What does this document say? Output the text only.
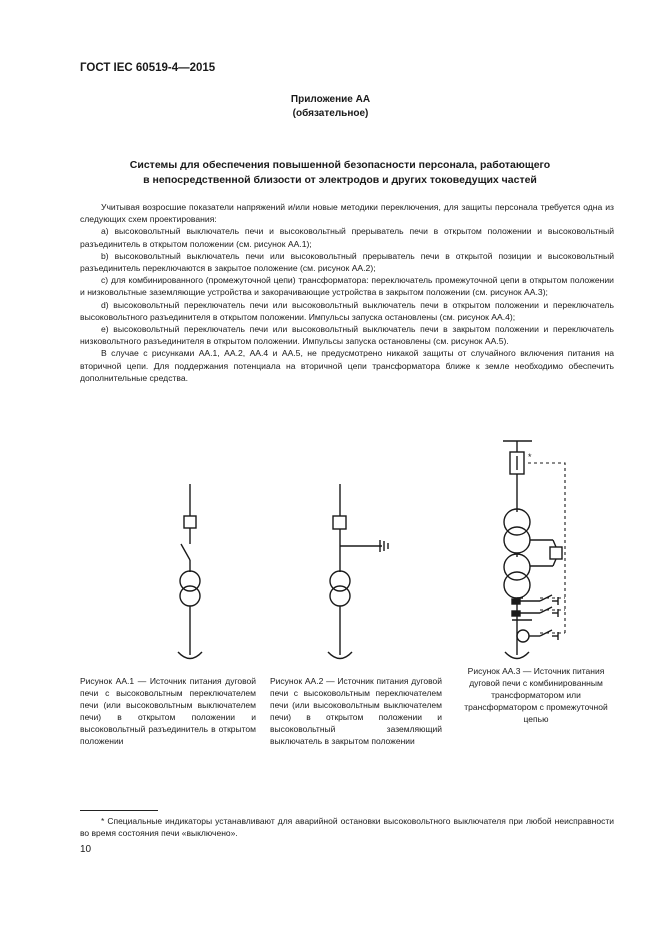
ГОСТ IEC 60519-4—2015
Приложение АА
(обязательное)
Системы для обеспечения повышенной безопасности персонала, работающего
в непосредственной близости от электродов и других токоведущих частей

Учитывая возросшие показатели напряжений и/или новые методики переключения, для защиты персонала требуется одна из следующих схем проектирования:

а) высоковольтный выключатель печи и высоковольтный прерыватель печи в открытом положении и высоковольтный разъединитель в открытом положении (см. рисунок АА.1);

b) высоковольтный выключатель печи или высоковольтный прерыватель печи в открытой позиции и высоковольтный разъединитель переключаются в закрытое положение (см. рисунок АА.2);

c) для комбинированного (промежуточной цепи) трансформатора: переключатель промежуточной цепи в открытом положении и низковольтные заземляющие устройства и закорачивающие устройства в закрытом положении (см. рисунок АА.3);

d) высоковольтный переключатель печи или высоковольтный выключатель печи в открытом положении и переключатель высоковольтного разъединителя в открытом положении. Импульсы запуска остановлены (см. рисунок АА.4);

e) высоковольтный переключатель печи или высоковольтный выключатель печи в закрытом положении и переключатель низковольтного разъединителя в открытом положении. Импульсы запуска остановлены (см. рисунок АА.5).

В случае с рисунками АА.1, АА.2, АА.4 и АА.5, не предусмотрено никакой защиты от случайного включения питания на вторичной цепи. Для поддержания потенциала на вторичной цепи трансформатора ближе к земле необходимо обеспечить дополнительные средства.

*
Рисунок АА.1 — Источник питания дуговой печи с высоковольтным переключателем печи (или высоковольтным выключателем печи) в открытом положении и высоковольтный разъединитель в открытом положении
Рисунок АА.2 — Источник питания дуговой печи с высоковольтным переключателем печи (или высоковольтным выключателем печи) в открытом положении и высоковольтный заземляющий выключатель в закрытом положении
Рисунок АА.3 — Источник питания дуговой печи с комбинированным трансформатором или трансформатором с промежуточной цепью
* Специальные индикаторы устанавливают для аварийной остановки высоковольтного выключателя при любой неисправности во время состояния печи «выключено».
10
